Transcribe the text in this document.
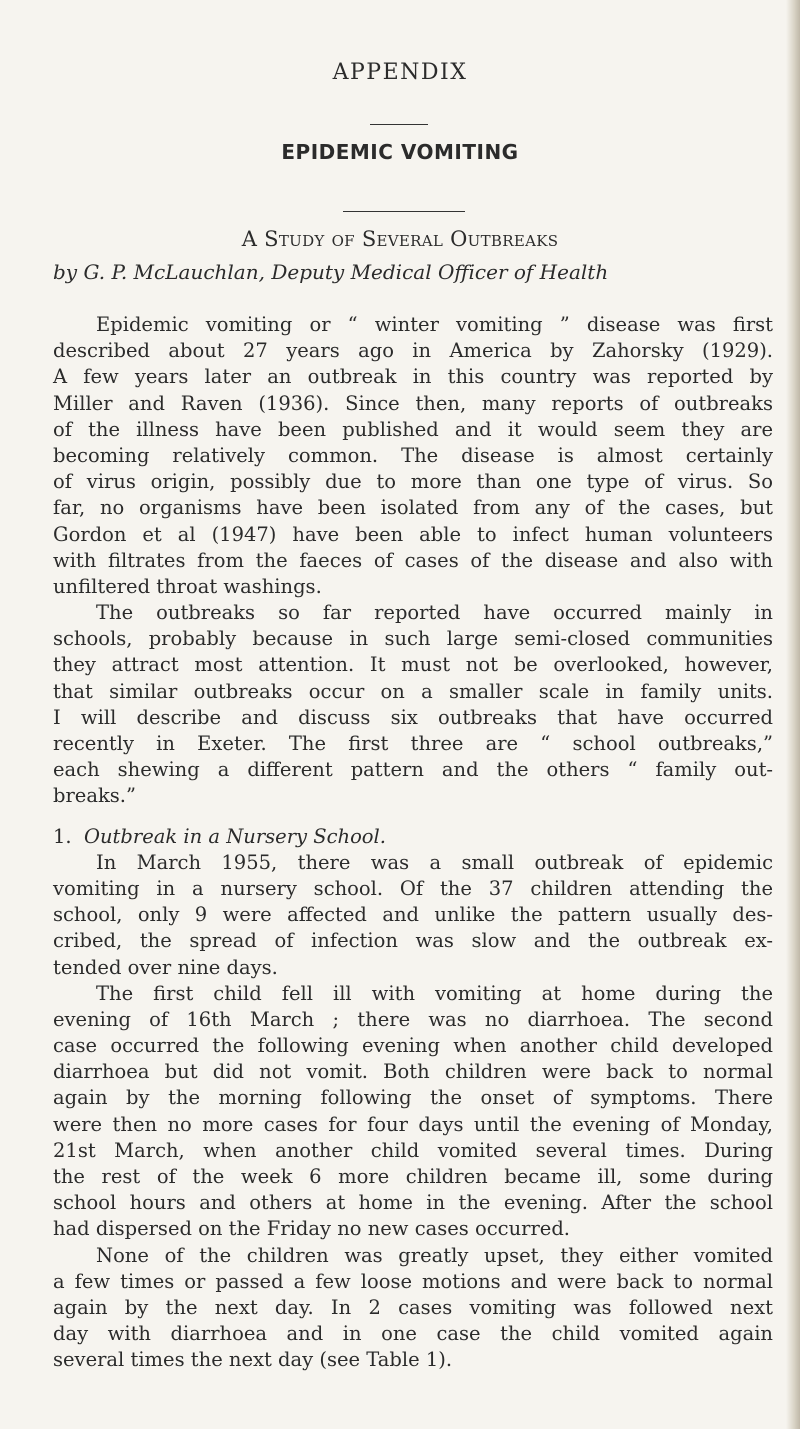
APPENDIX
EPIDEMIC VOMITING
A Study of Several Outbreaks
by G. P. McLauchlan, Deputy Medical Officer of Health
Epidemic vomiting or “ winter vomiting ” disease was first
described about 27 years ago in America by Zahorsky (1929).
A few years later an outbreak in this country was reported by
Miller and Raven (1936). Since then, many reports of outbreaks
of the illness have been published and it would seem they are
becoming relatively common. The disease is almost certainly
of virus origin, possibly due to more than one type of virus. So
far, no organisms have been isolated from any of the cases, but
Gordon et al (1947) have been able to infect human volunteers
with filtrates from the faeces of cases of the disease and also with
unfiltered throat washings.
The outbreaks so far reported have occurred mainly in
schools, probably because in such large semi-closed communities
they attract most attention. It must not be overlooked, however,
that similar outbreaks occur on a smaller scale in family units.
I will describe and discuss six outbreaks that have occurred
recently in Exeter. The first three are “ school outbreaks,”
each shewing a different pattern and the others “ family out-
breaks.”
1. Outbreak in a Nursery School.
In March 1955, there was a small outbreak of epidemic
vomiting in a nursery school. Of the 37 children attending the
school, only 9 were affected and unlike the pattern usually des-
cribed, the spread of infection was slow and the outbreak ex-
tended over nine days.
The first child fell ill with vomiting at home during the
evening of 16th March ; there was no diarrhoea. The second
case occurred the following evening when another child developed
diarrhoea but did not vomit. Both children were back to normal
again by the morning following the onset of symptoms. There
were then no more cases for four days until the evening of Monday,
21st March, when another child vomited several times. During
the rest of the week 6 more children became ill, some during
school hours and others at home in the evening. After the school
had dispersed on the Friday no new cases occurred.
None of the children was greatly upset, they either vomited
a few times or passed a few loose motions and were back to normal
again by the next day. In 2 cases vomiting was followed next
day with diarrhoea and in one case the child vomited again
several times the next day (see Table 1).
